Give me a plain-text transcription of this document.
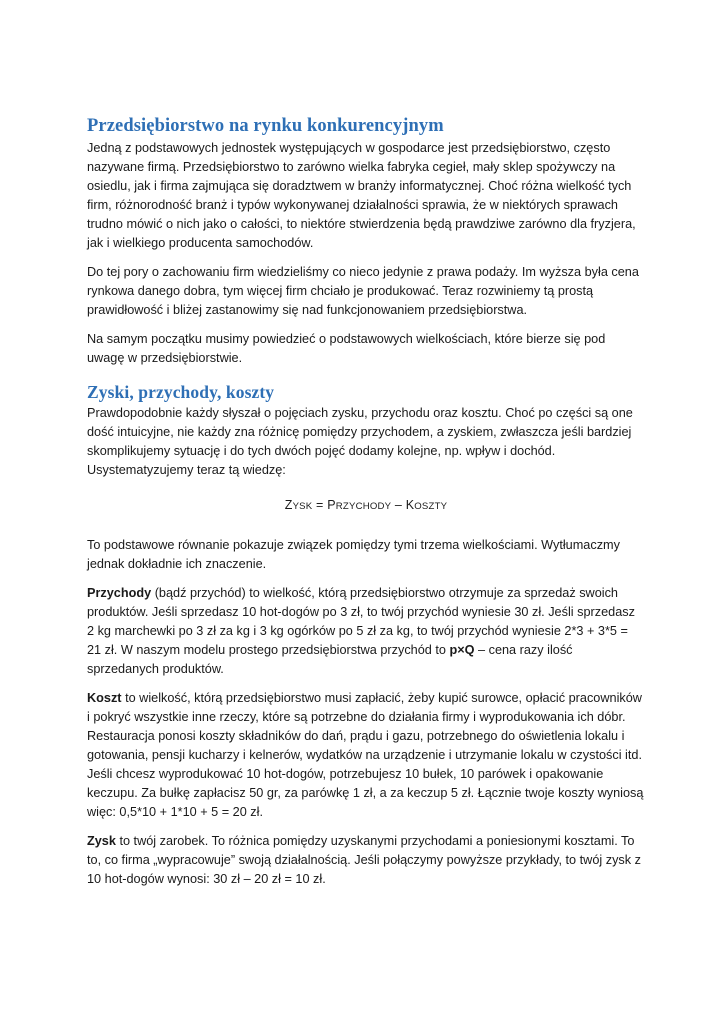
Przedsiębiorstwo na rynku konkurencyjnym

Jedną z podstawowych jednostek występujących w gospodarce jest przedsiębiorstwo, często nazywane firmą. Przedsiębiorstwo to zarówno wielka fabryka cegieł, mały sklep spożywczy na osiedlu, jak i firma zajmująca się doradztwem w branży informatycznej. Choć różna wielkość tych firm, różnorodność branż i typów wykonywanej działalności sprawia, że w niektórych sprawach trudno mówić o nich jako o całości, to niektóre stwierdzenia będą prawdziwe zarówno dla fryzjera, jak i wielkiego producenta samochodów.

Do tej pory o zachowaniu firm wiedzieliśmy co nieco jedynie z prawa podaży. Im wyższa była cena rynkowa danego dobra, tym więcej firm chciało je produkować. Teraz rozwiniemy tą prostą prawidłowość i bliżej zastanowimy się nad funkcjonowaniem przedsiębiorstwa.

Na samym początku musimy powiedzieć o podstawowych wielkościach, które bierze się pod uwagę w przedsiębiorstwie.

Zyski, przychody, koszty

Prawdopodobnie każdy słyszał o pojęciach zysku, przychodu oraz kosztu. Choć po części są one dość intuicyjne, nie każdy zna różnicę pomiędzy przychodem, a zyskiem, zwłaszcza jeśli bardziej skomplikujemy sytuację i do tych dwóch pojęć dodamy kolejne, np. wpływ i dochód. Usystematyzujemy teraz tą wiedzę:

ZYSK = PRZYCHODY – KOSZTY

To podstawowe równanie pokazuje związek pomiędzy tymi trzema wielkościami. Wytłumaczmy jednak dokładnie ich znaczenie.

Przychody (bądź przychód) to wielkość, którą przedsiębiorstwo otrzymuje za sprzedaż swoich produktów. Jeśli sprzedasz 10 hot-dogów po 3 zł, to twój przychód wyniesie 30 zł. Jeśli sprzedasz 2 kg marchewki po 3 zł za kg i 3 kg ogórków po 5 zł za kg, to twój przychód wyniesie 2*3 + 3*5 = 21 zł. W naszym modelu prostego przedsiębiorstwa przychód to p×Q – cena razy ilość sprzedanych produktów.

Koszt to wielkość, którą przedsiębiorstwo musi zapłacić, żeby kupić surowce, opłacić pracowników i pokryć wszystkie inne rzeczy, które są potrzebne do działania firmy i wyprodukowania ich dóbr. Restauracja ponosi koszty składników do dań, prądu i gazu, potrzebnego do oświetlenia lokalu i gotowania, pensji kucharzy i kelnerów, wydatków na urządzenie i utrzymanie lokalu w czystości itd. Jeśli chcesz wyprodukować 10 hot-dogów, potrzebujesz 10 bułek, 10 parówek i opakowanie keczupu. Za bułkę zapłacisz 50 gr, za parówkę 1 zł, a za keczup 5 zł. Łącznie twoje koszty wyniosą więc: 0,5*10 + 1*10 + 5 = 20 zł.

Zysk to twój zarobek. To różnica pomiędzy uzyskanymi przychodami a poniesionymi kosztami. To to, co firma „wypracowuje” swoją działalnością. Jeśli połączymy powyższe przykłady, to twój zysk z 10 hot-dogów wynosi: 30 zł – 20 zł = 10 zł.
